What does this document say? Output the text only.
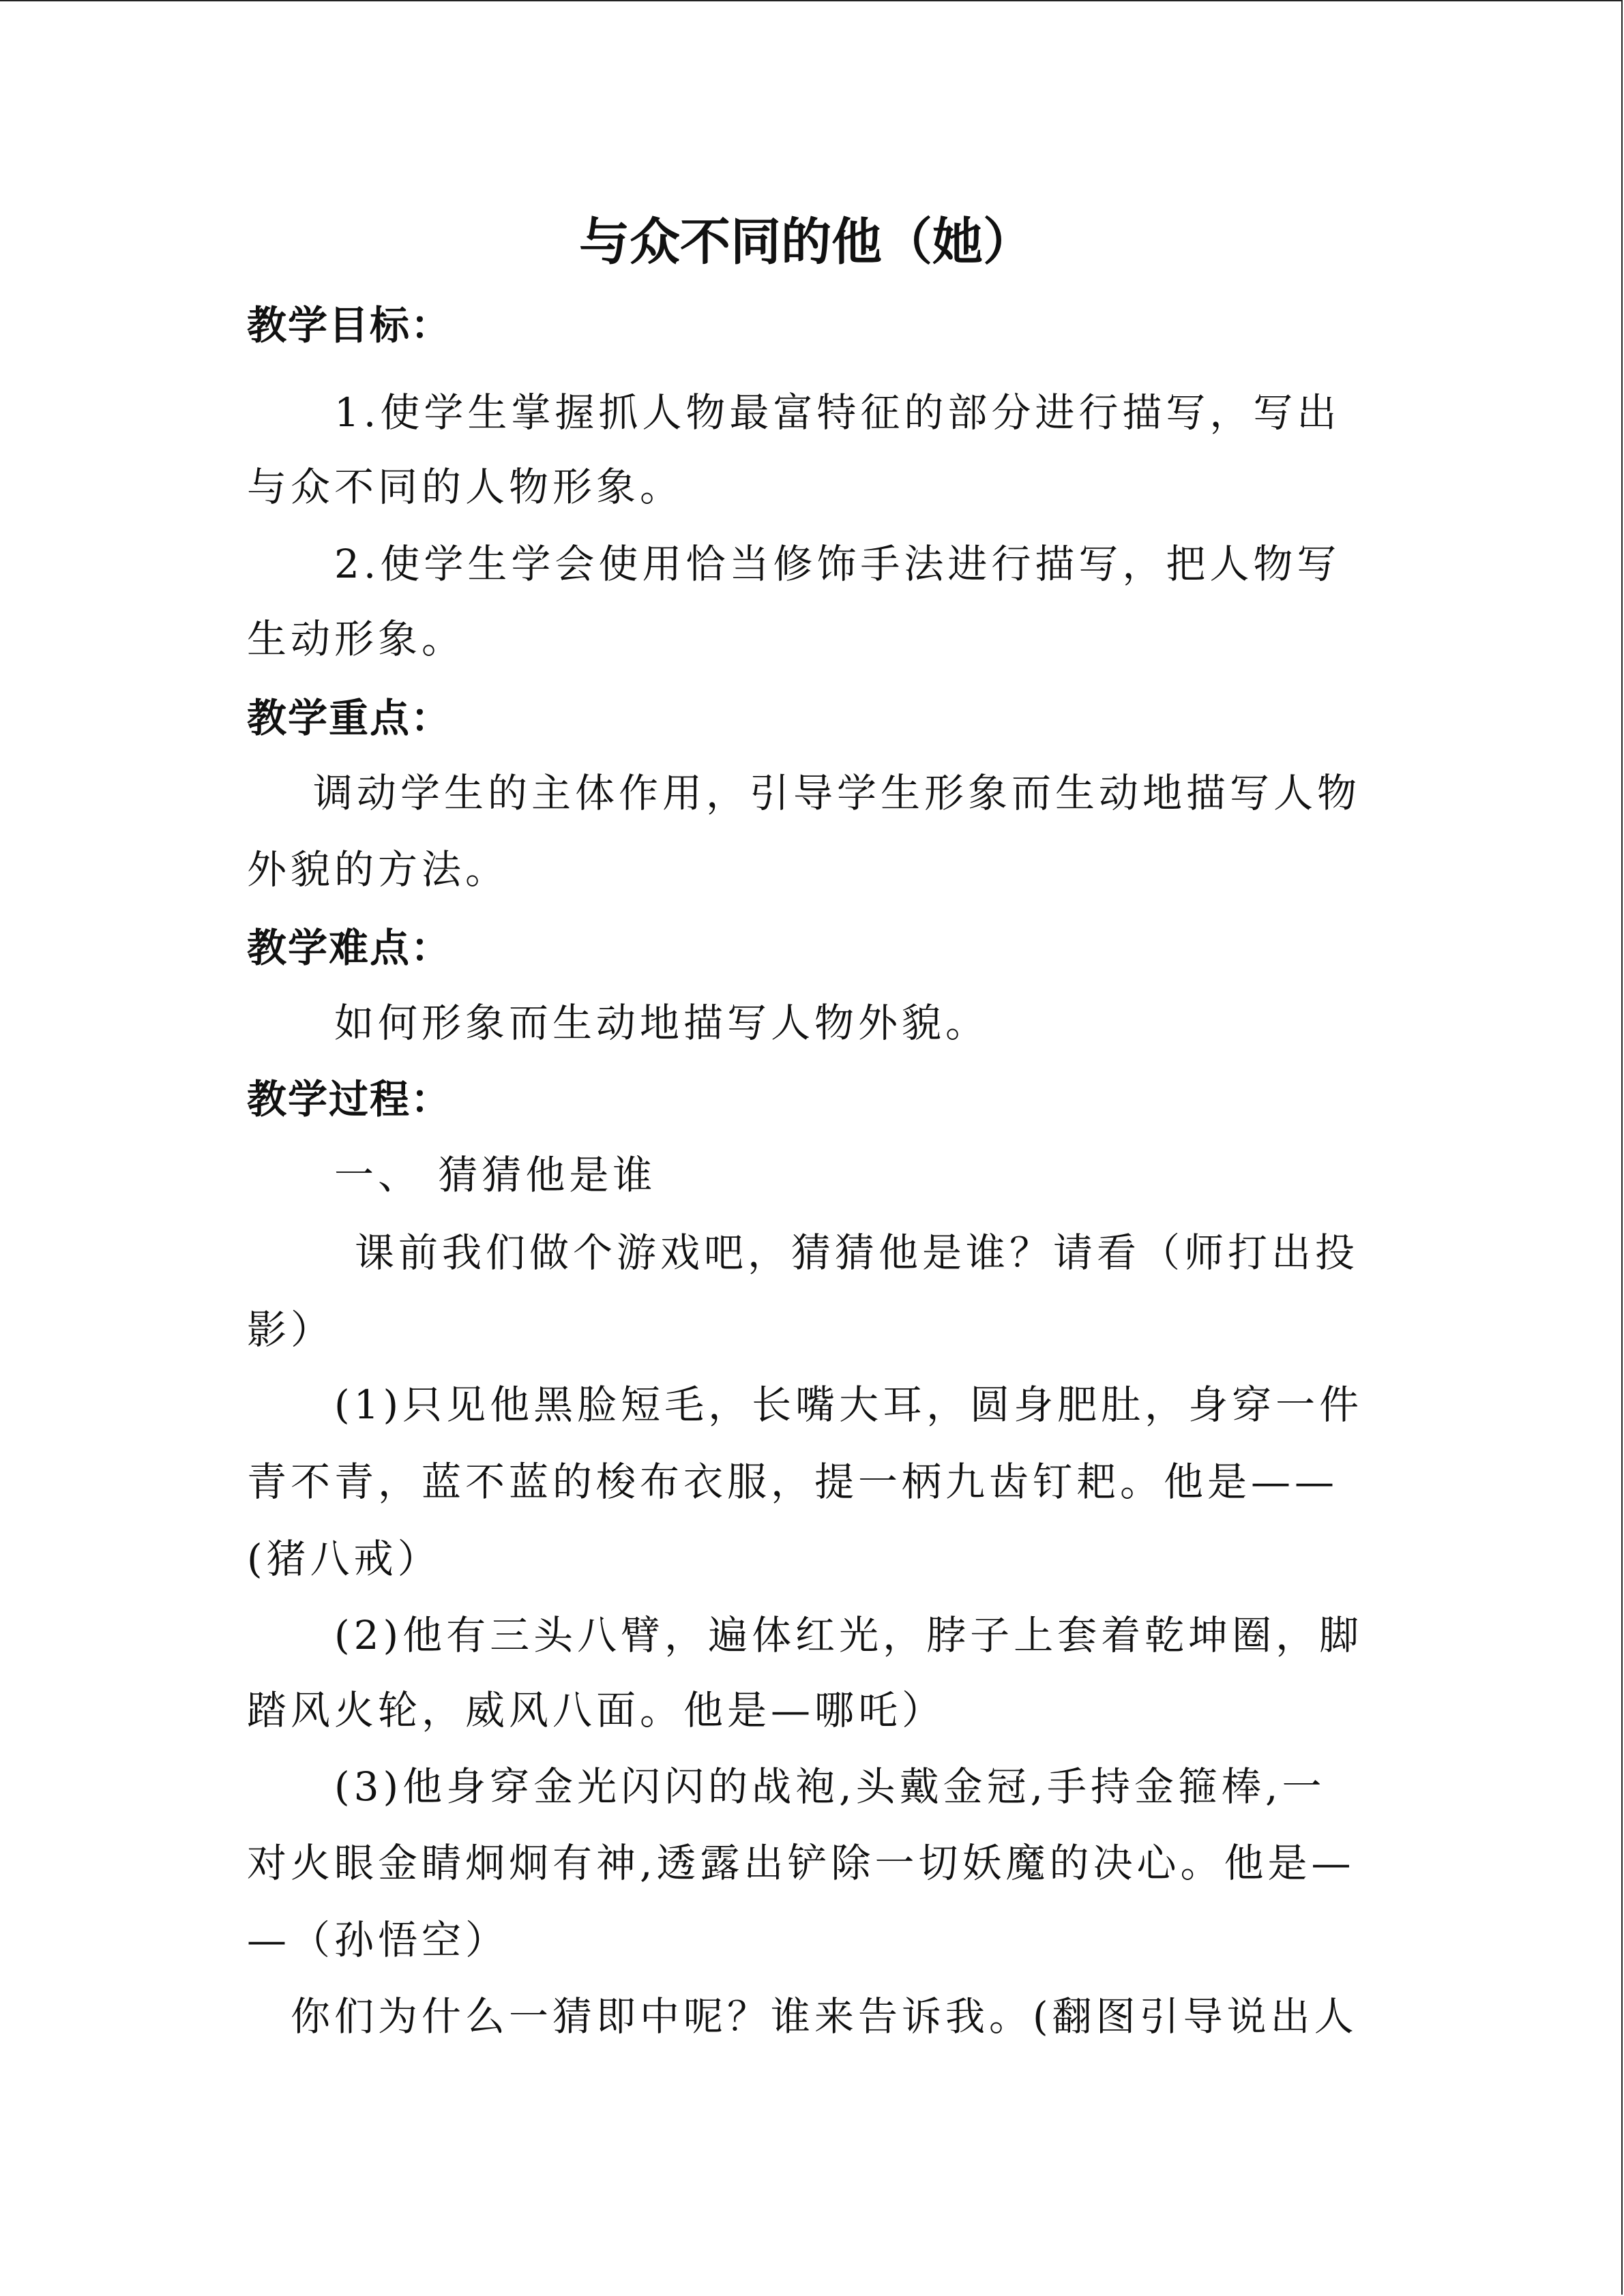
与众不同的他（她）
教学目标：
1.使学生掌握抓人物最富特征的部分进行描写，写出
与众不同的人物形象。
2.使学生学会使用恰当修饰手法进行描写，把人物写
生动形象。
教学重点：
调动学生的主体作用，引导学生形象而生动地描写人物
外貌的方法。
教学难点：
如何形象而生动地描写人物外貌。
教学过程：
一、 猜猜他是谁
课前我们做个游戏吧，猜猜他是谁？请看（师打出投
影）
(1)只见他黑脸短毛，长嘴大耳，圆身肥肚，身穿一件
青不青，蓝不蓝的梭布衣服，提一柄九齿钉耙。他是——
(猪八戒）
(2)他有三头八臂，遍体红光，脖子上套着乾坤圈，脚
踏风火轮，威风八面。他是—哪吒）
(3)他身穿金光闪闪的战袍,头戴金冠,手持金箍棒,一
对火眼金睛炯炯有神,透露出铲除一切妖魔的决心。他是—
—（孙悟空）
你们为什么一猜即中呢？谁来告诉我。(翻图引导说出人
